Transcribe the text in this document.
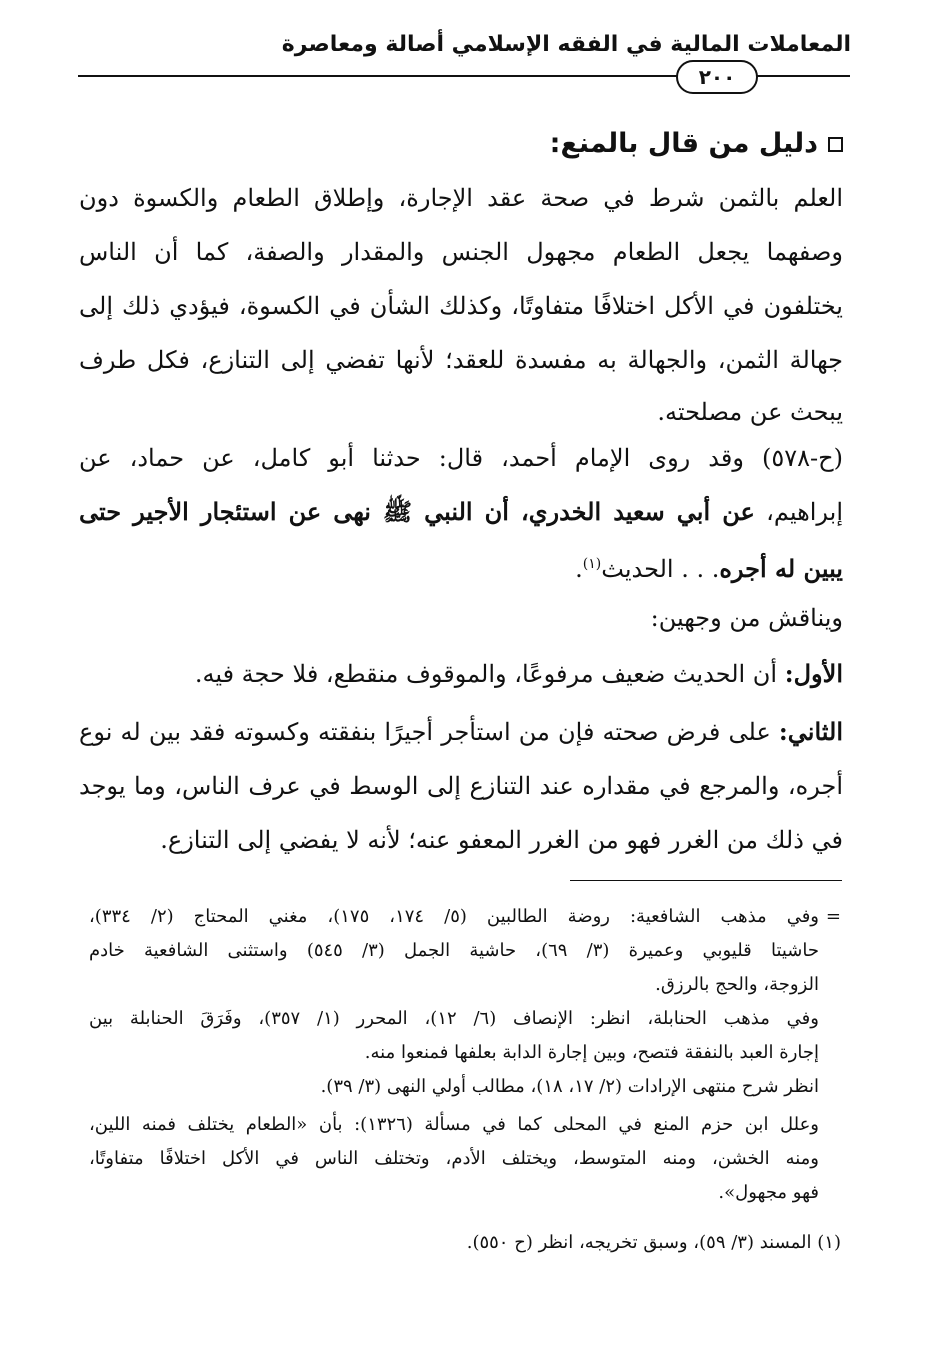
المعاملات المالية في الفقه الإسلامي أصالة ومعاصرة
٢٠٠
دليل من قال بالمنع:
العلم بالثمن شرط في صحة عقد الإجارة، وإطلاق الطعام والكسوة دون
وصفهما يجعل الطعام مجهول الجنس والمقدار والصفة، كما أن الناس
يختلفون في الأكل اختلافًا متفاوتًا، وكذلك الشأن في الكسوة، فيؤدي ذلك إلى
جهالة الثمن، والجهالة به مفسدة للعقد؛ لأنها تفضي إلى التنازع، فكل طرف
يبحث عن مصلحته.
(ح-٥٧٨) وقد روى الإمام أحمد، قال: حدثنا أبو كامل، عن حماد، عن
إبراهيم، عن أبي سعيد الخدري، أن النبي ﷺ نهى عن استئجار الأجير حتى
يبين له أجره. . . الحديث$^{(١)}$.
ويناقش من وجهين:
الأول: أن الحديث ضعيف مرفوعًا، والموقوف منقطع، فلا حجة فيه.
الثاني: على فرض صحته فإن من استأجر أجيرًا بنفقته وكسوته فقد بين له نوع
أجره، والمرجع في مقداره عند التنازع إلى الوسط في عرف الناس، وما يوجد
في ذلك من الغرر فهو من الغرر المعفو عنه؛ لأنه لا يفضي إلى التنازع.
=
وفي مذهب الشافعية: روضة الطالبين (٥/ ١٧٤، ١٧٥)، مغني المحتاج (٢/ ٣٣٤)،
حاشيتا قليوبي وعميرة (٣/ ٦٩)، حاشية الجمل (٣/ ٥٤٥) واستثنى الشافعية خادم
الزوجة، والحج بالرزق.
وفي مذهب الحنابلة، انظر: الإنصاف (٦/ ١٢)، المحرر (١/ ٣٥٧)، وفَرَقَ الحنابلة بين
إجارة العبد بالنفقة فتصح، وبين إجارة الدابة بعلفها فمنعوا منه.
انظر شرح منتهى الإرادات (٢/ ١٧، ١٨)، مطالب أولي النهى (٣/ ٣٩).
وعلل ابن حزم المنع في المحلى كما في مسألة (١٣٢٦): بأن «الطعام يختلف فمنه اللين،
ومنه الخشن، ومنه المتوسط، ويختلف الأدم، وتختلف الناس في الأكل اختلافًا متفاوتًا،
فهو مجهول».
(١) المسند (٣/ ٥٩)، وسبق تخريجه، انظر (ح ٥٥٠).
